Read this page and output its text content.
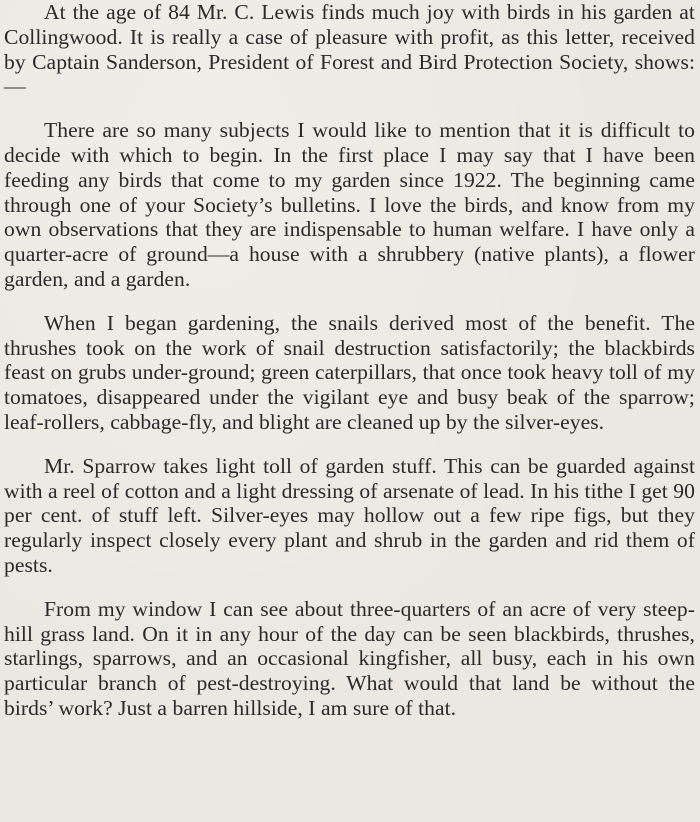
At the age of 84 Mr. C. Lewis finds much joy with birds in his garden at Collingwood. It is really a case of pleasure with profit, as this letter, received by Captain Sanderson, President of Forest and Bird Protection Society, shows:—

There are so many subjects I would like to mention that it is difficult to decide with which to begin. In the first place I may say that I have been feeding any birds that come to my garden since 1922. The beginning came through one of your Society’s bulletins. I love the birds, and know from my own observations that they are indispensable to human welfare. I have only a quarter-acre of ground—a house with a shrubbery (native plants), a flower garden, and a garden.

When I began gardening, the snails derived most of the benefit. The thrushes took on the work of snail destruction satisfactorily; the blackbirds feast on grubs under-ground; green caterpillars, that once took heavy toll of my tomatoes, disappeared under the vigilant eye and busy beak of the sparrow; leaf-rollers, cabbage-fly, and blight are cleaned up by the silver-eyes.

Mr. Sparrow takes light toll of garden stuff. This can be guarded against with a reel of cotton and a light dressing of arsenate of lead. In his tithe I get 90 per cent. of stuff left. Silver-eyes may hollow out a few ripe figs, but they regularly inspect closely every plant and shrub in the garden and rid them of pests.

From my window I can see about three-quarters of an acre of very steep-hill grass land. On it in any hour of the day can be seen blackbirds, thrushes, starlings, sparrows, and an occasional kingfisher, all busy, each in his own particular branch of pest-destroying. What would that land be without the birds’ work? Just a barren hillside, I am sure of that.
